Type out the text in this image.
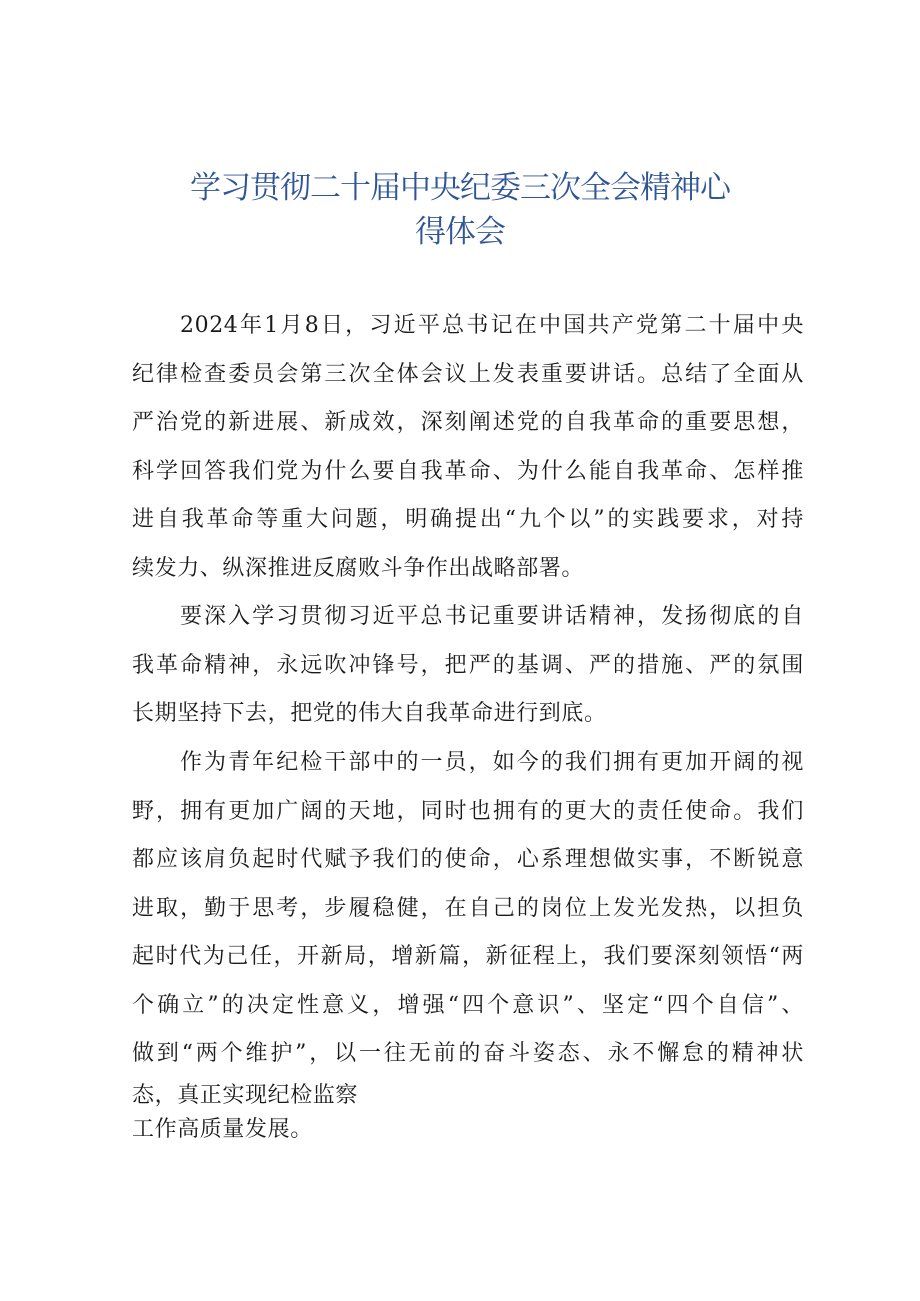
学习贯彻二十届中央纪委三次全会精神心
得体会
2024年1月8日，习近平总书记在中国共产党第二十届中央
纪律检查委员会第三次全体会议上发表重要讲话。总结了全面从
严治党的新进展、新成效，深刻阐述党的自我革命的重要思想，
科学回答我们党为什么要自我革命、为什么能自我革命、怎样推
进自我革命等重大问题，明确提出“九个以”的实践要求，对持
续发力、纵深推进反腐败斗争作出战略部署。
要深入学习贯彻习近平总书记重要讲话精神，发扬彻底的自
我革命精神，永远吹冲锋号，把严的基调、严的措施、严的氛围
长期坚持下去，把党的伟大自我革命进行到底。
作为青年纪检干部中的一员，如今的我们拥有更加开阔的视
野，拥有更加广阔的天地，同时也拥有的更大的责任使命。我们
都应该肩负起时代赋予我们的使命，心系理想做实事，不断锐意
进取，勤于思考，步履稳健，在自己的岗位上发光发热，以担负
起时代为己任，开新局，增新篇，新征程上，我们要深刻领悟“两
个确立”的决定性意义，增强“四个意识”、坚定“四个自信”、
做到“两个维护”，以一往无前的奋斗姿态、永不懈怠的精神状
态，真正实现纪检监察
工作高质量发展。
